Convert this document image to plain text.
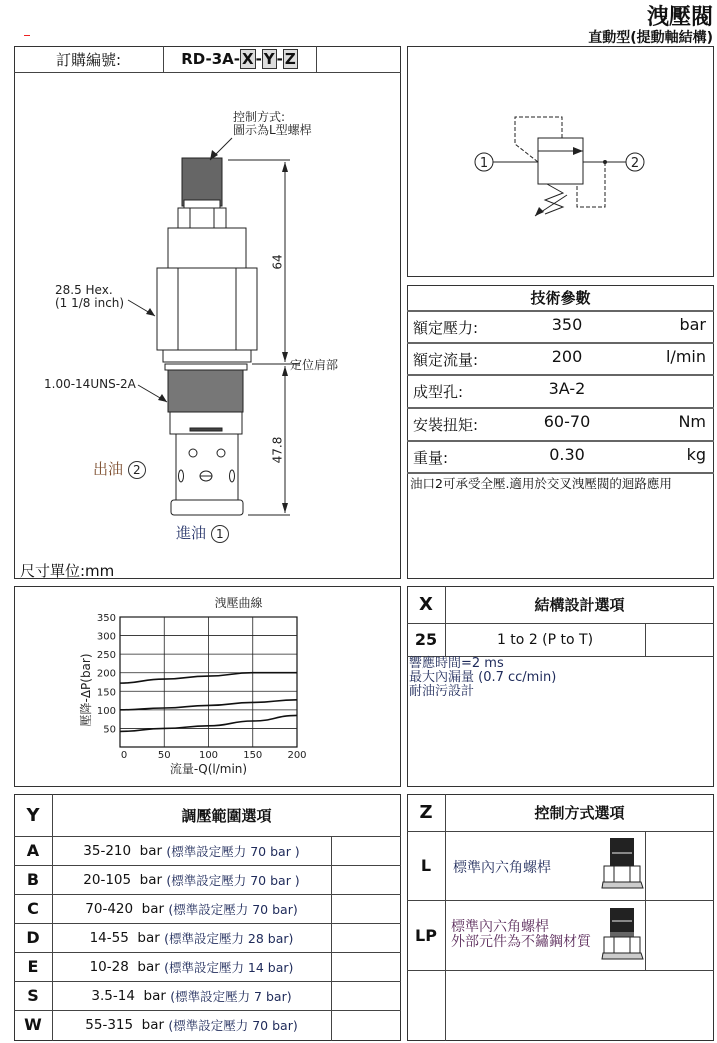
洩壓閥
直動型(提動軸結構)
訂購編號:	RD-3A- X - Y - Z
控制方式:
圖示為L型螺桿
28.5 Hex.
(1 1/8 inch)
1.00-14UNS-2A
64
47.8
定位肩部
出油 2
進油 1
尺寸單位:mm
1	2
技術參數
額定壓力:	350	bar
額定流量:	200	l/min
成型孔:	3A-2
安裝扭矩:	60-70	Nm
重量:	0.30	kg
油口2可承受全壓.適用於交叉洩壓閥的迴路應用
50
100
150
200
250
300
350
0	50	100	150	200
洩壓曲線
流量-Q(l/min)
壓降-ΔP(bar)
X	結構設計選項
25	1 to 2 (P to T)
響應時間=2 ms
最大內漏量 (0.7 cc/min)
耐油污設計
Y	調壓範圍選項
A	35-210  bar
(標準設定壓力 70 bar )
B	20-105  bar
(標準設定壓力 70 bar )
C	70-420  bar
(標準設定壓力 70 bar)
D	14-55  bar
(標準設定壓力 28 bar)
E	10-28  bar
(標準設定壓力 14 bar)
S	3.5-14  bar
(標準設定壓力 7 bar)
W	55-315  bar
(標準設定壓力 70 bar)
Z	控制方式選項
L	標準內六角螺桿
LP	標準內六角螺桿
外部元件為不鏽鋼材質
